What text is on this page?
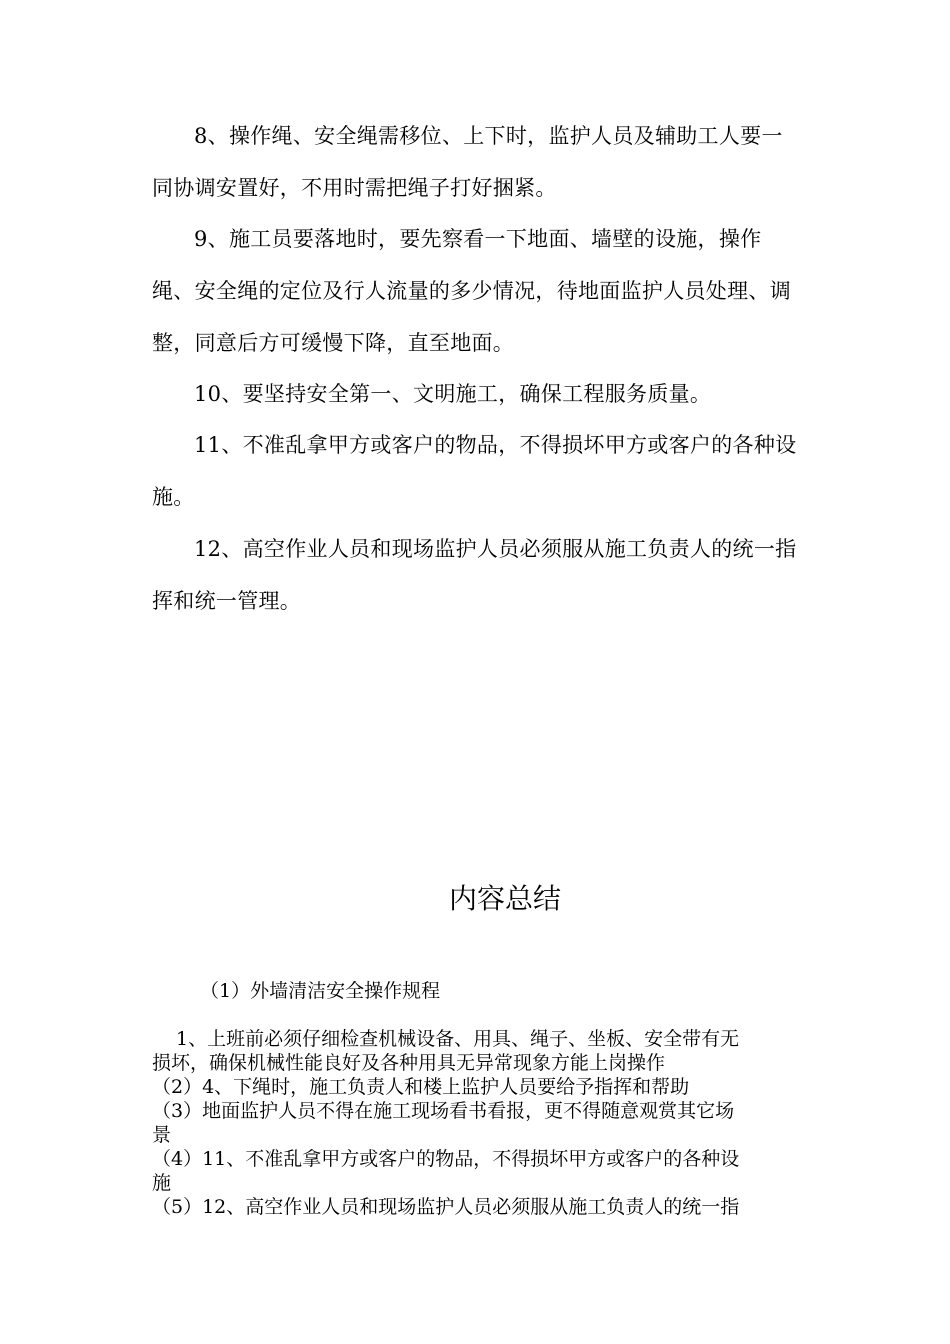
8、操作绳、安全绳需移位、上下时，监护人员及辅助工人要一同协调安置好，不用时需把绳子打好捆紧。

9、施工员要落地时，要先察看一下地面、墙壁的设施，操作绳、安全绳的定位及行人流量的多少情况，待地面监护人员处理、调整，同意后方可缓慢下降，直至地面。

10、要坚持安全第一、文明施工，确保工程服务质量。

11、不准乱拿甲方或客户的物品，不得损坏甲方或客户的各种设施。

12、高空作业人员和现场监护人员必须服从施工负责人的统一指挥和统一管理。

内容总结

（1）外墙清洁安全操作规程

1、上班前必须仔细检查机械设备、用具、绳子、坐板、安全带有无
损坏，确保机械性能良好及各种用具无异常现象方能上岗操作
（2）4、下绳时，施工负责人和楼上监护人员要给予指挥和帮助
（3）地面监护人员不得在施工现场看书看报，更不得随意观赏其它场
景
（4）11、不准乱拿甲方或客户的物品，不得损坏甲方或客户的各种设
施
（5）12、高空作业人员和现场监护人员必须服从施工负责人的统一指
